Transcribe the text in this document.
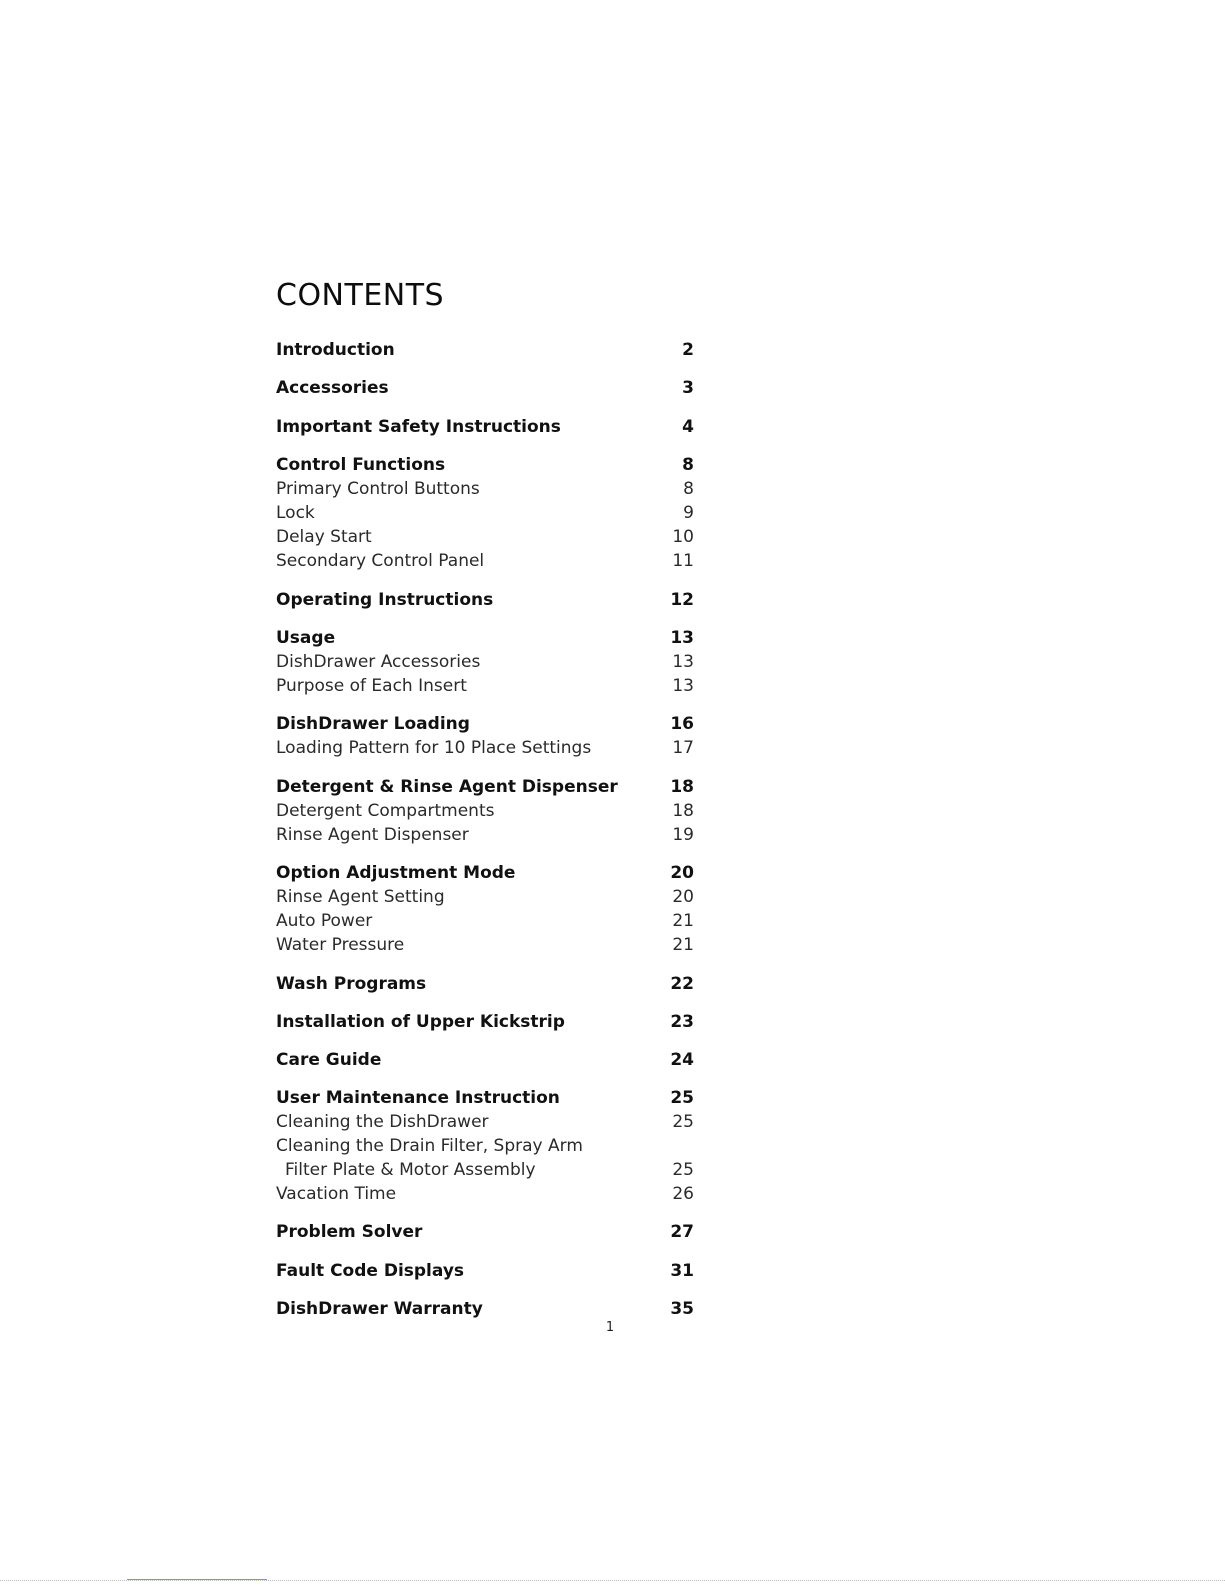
CONTENTS
Introduction	2
Accessories	3
Important Safety Instructions	4
Control Functions	8
Primary Control Buttons	8
Lock	9
Delay Start	10
Secondary Control Panel	11
Operating Instructions	12
Usage	13
DishDrawer Accessories	13
Purpose of Each Insert	13
DishDrawer Loading	16
Loading Pattern for 10 Place Settings	17
Detergent & Rinse Agent Dispenser	18
Detergent Compartments	18
Rinse Agent Dispenser	19
Option Adjustment Mode	20
Rinse Agent Setting	20
Auto Power	21
Water Pressure	21
Wash Programs	22
Installation of Upper Kickstrip	23
Care Guide	24
User Maintenance Instruction	25
Cleaning the DishDrawer	25
Cleaning the Drain Filter, Spray Arm
Filter Plate & Motor Assembly	25
Vacation Time	26
Problem Solver	27
Fault Code Displays	31
DishDrawer Warranty	35
1
